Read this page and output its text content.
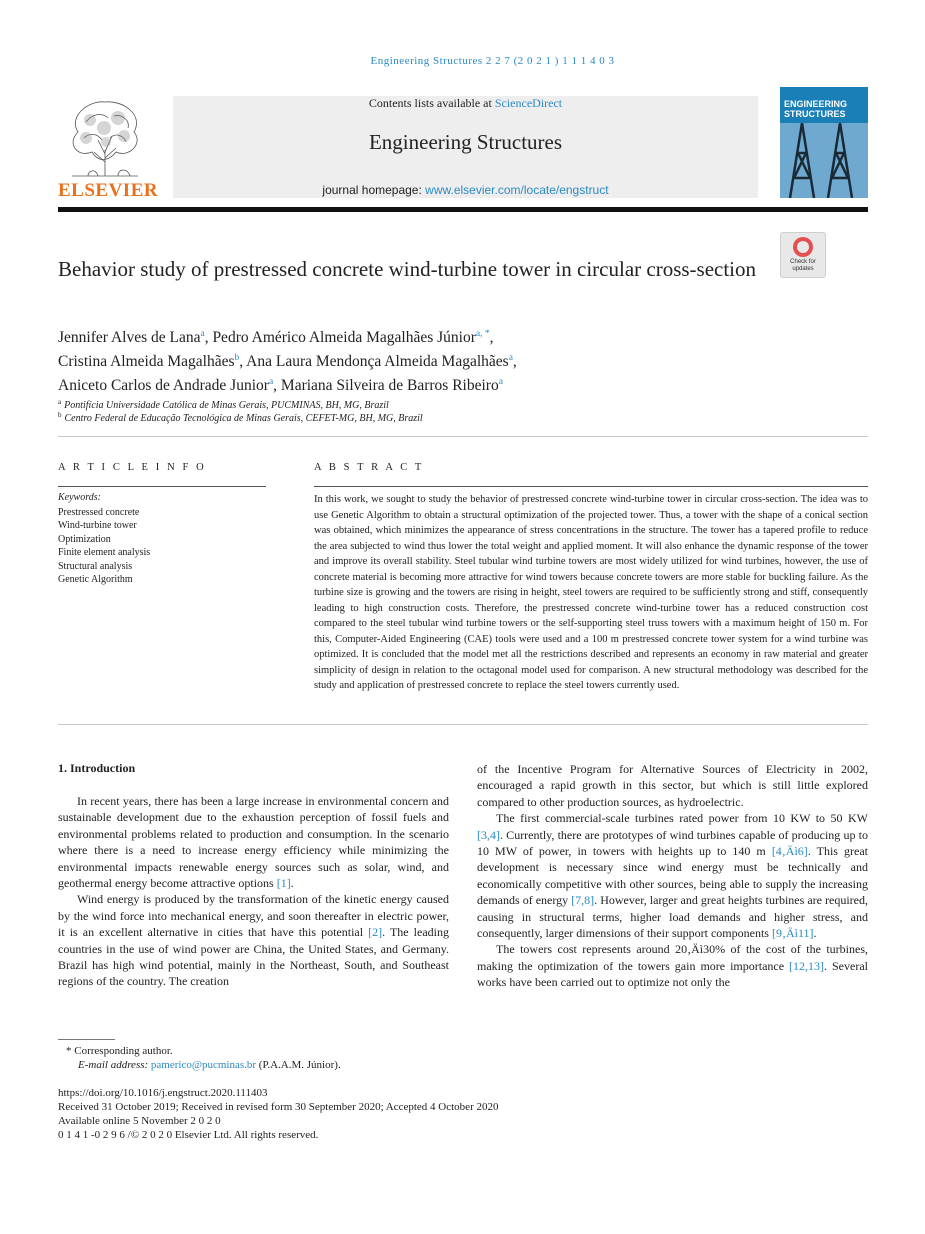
Engineering Structures 2 2 7 (2 0 2 1 ) 1 1 1 4 0 3
ELSEVIER
Contents lists available at ScienceDirect
Engineering Structures
journal homepage: www.elsevier.com/locate/engstruct
ENGINEERING STRUCTURES
Check for updates
Behavior study of prestressed concrete wind-turbine tower in circular cross-section
Jennifer Alves de Lana$^a$, Pedro Américo Almeida Magalhães Júnior$^{a, *}$,
Cristina Almeida Magalhães$^b$, Ana Laura Mendonça Almeida Magalhães$^a$,
Aniceto Carlos de Andrade Junior$^a$, Mariana Silveira de Barros Ribeiro$^a$
$^a$ Pontifícia Universidade Católica de Minas Gerais, PUCMINAS, BH, MG, Brazil
$^b$ Centro Federal de Educação Tecnológica de Minas Gerais, CEFET-MG, BH, MG, Brazil
A R T I C L E I N F O
Keywords:
Prestressed concrete
Wind-turbine tower
Optimization
Finite element analysis
Structural analysis
Genetic Algorithm
A B S T R A C T
In this work, we sought to study the behavior of prestressed concrete wind-turbine tower in circular cross-section. The idea was to use Genetic Algorithm to obtain a structural optimization of the projected tower. Thus, a tower with the shape of a conical section was obtained, which minimizes the appearance of stress concentrations in the structure. The tower has a tapered profile to reduce the area subjected to wind thus lower the total weight and applied moment. It will also enhance the dynamic response of the tower and improve its overall stability. Steel tubular wind turbine towers are most widely utilized for wind turbines, however, the use of concrete material is becoming more attractive for wind towers because concrete towers are more stable for buckling failure. As the turbine size is growing and the towers are rising in height, steel towers are required to be sufficiently strong and stiff, consequently leading to high construction costs. Therefore, the prestressed concrete wind-turbine tower has a reduced construction cost compared to the steel tubular wind turbine towers or the self-supporting steel truss towers with a maximum height of 150 m. For this, Computer-Aided Engineering (CAE) tools were used and a 100 m prestressed concrete tower system for a wind turbine was optimized. It is concluded that the model met all the restrictions described and represents an economy in raw material and greater simplicity of design in relation to the octagonal model used for comparison. A new structural methodology was described for the study and application of prestressed concrete to replace the steel towers currently used.
1. Introduction

In recent years, there has been a large increase in environmental concern and sustainable development due to the exhaustion perception of fossil fuels and environmental problems related to production and consumption. In the scenario where there is a need to increase energy efficiency while minimizing the environmental impacts renewable energy sources such as solar, wind, and geothermal energy become attractive options [1].

Wind energy is produced by the transformation of the kinetic energy caused by the wind force into mechanical energy, and soon thereafter in electric power, it is an excellent alternative in cities that have this potential [2]. The leading countries in the use of wind power are China, the United States, and Germany. Brazil has high wind potential, mainly in the Northeast, South, and Southeast regions of the country. The creation

of the Incentive Program for Alternative Sources of Electricity in 2002, encouraged a rapid growth in this sector, but which is still little explored compared to other production sources, as hydroelectric.

The first commercial-scale turbines rated power from 10 KW to 50 KW [3,4]. Currently, there are prototypes of wind turbines capable of producing up to 10 MW of power, in towers with heights up to 140 m [4‚Äì6]. This great development is necessary since wind energy must be technically and economically competitive with other sources, being able to supply the increasing demands of energy [7,8]. However, larger and great heights turbines are required, causing in structural terms, higher load demands and higher stress, and consequently, larger dimensions of their support components [9‚Äì11].

The towers cost represents around 20‚Äì30% of the cost of the turbines, making the optimization of the towers gain more importance [12,13]. Several works have been carried out to optimize not only the

* Corresponding author.
E-mail address: pamerico@pucminas.br (P.A.A.M. Júnior).
https://doi.org/10.1016/j.engstruct.2020.111403
Received 31 October 2019; Received in revised form 30 September 2020; Accepted 4 October 2020
Available online 5 November 2 0 2 0
0 1 4 1 -0 2 9 6 /© 2 0 2 0 Elsevier Ltd. All rights reserved.
